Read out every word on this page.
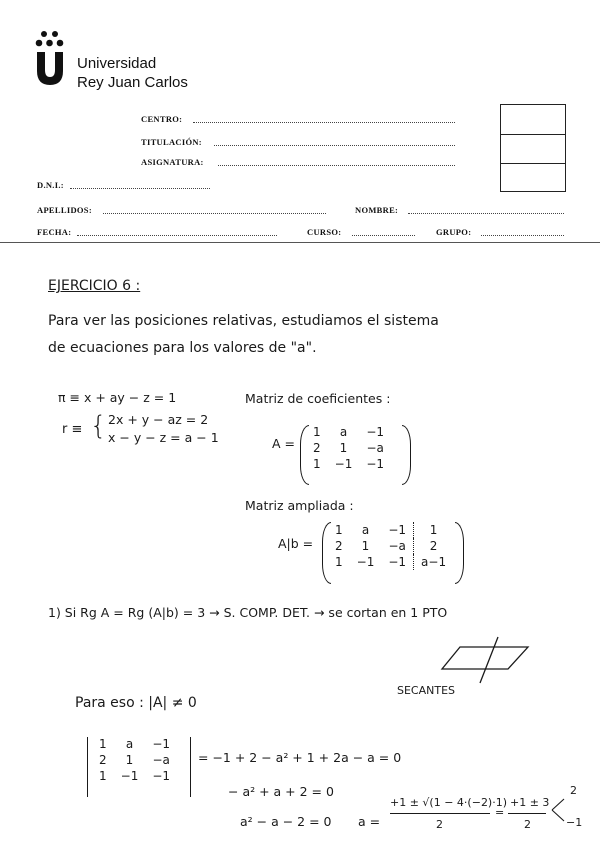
Universidad
Rey Juan Carlos
CENTRO:
TITULACIÓN:
ASIGNATURA:
D.N.I.:
APELLIDOS:	NOMBRE:
FECHA:	CURSO:	GRUPO:
EJERCICIO 6 :
Para ver las posiciones relativas, estudiamos el sistema
de ecuaciones para los valores de "a".
π ≡ x + ay − z = 1
r ≡ { 2x + y − az = 2
x − y − z = a − 1
Matriz de coeficientes :
A =
1	a	−1
2	1	−a
1	−1	−1
Matriz ampliada :
A|b =
1	a	−1	1
2	1	−a	2
1	−1	−1	a−1
1) Si Rg A = Rg (A|b) = 3 → S. COMP. DET. → se cortan en 1 PTO
SECANTES
Para eso : |A| ≠ 0
1	a	−1
2	1	−a
1	−1	−1
= −1 + 2 − a² + 1 + 2a − a = 0
− a² + a + 2 = 0
a² − a − 2 = 0 a =
+1 ± √(1 − 4·(−2)·1)
2
=
+1 ± 3
2
2
−1
